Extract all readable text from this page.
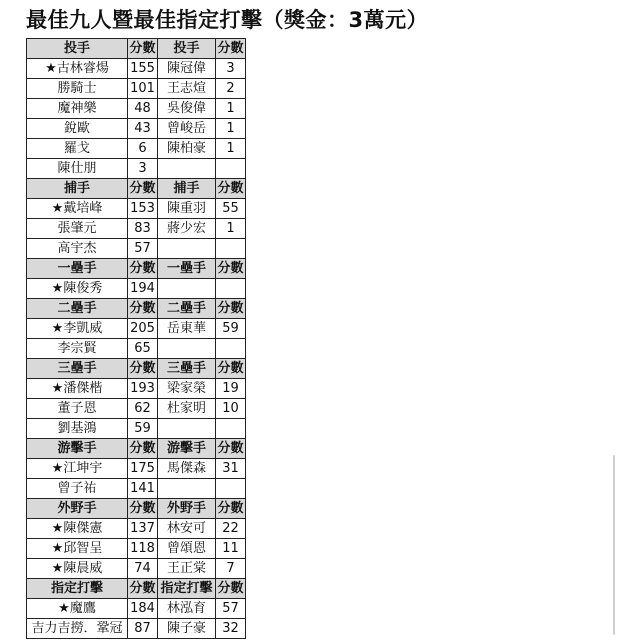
最佳九人暨最佳指定打擊（獎金：3萬元）
投手	分數	投手	分數
★古林睿煬	155	陳冠偉	3
勝騎士	101	王志煊	2
魔神樂	48	吳俊偉	1
銳歐	43	曾峻岳	1
羅戈	6	陳柏豪	1
陳仕朋	3		
捕手	分數	捕手	分數
★戴培峰	153	陳重羽	55
張肇元	83	蔣少宏	1
高宇杰	57		
一壘手	分數	一壘手	分數
★陳俊秀	194		
二壘手	分數	二壘手	分數
★李凱威	205	岳東華	59
李宗賢	65		
三壘手	分數	三壘手	分數
★潘傑楷	193	梁家榮	19
董子恩	62	杜家明	10
劉基鴻	59		
游擊手	分數	游擊手	分數
★江坤宇	175	馬傑森	31
曾子祐	141		
外野手	分數	外野手	分數
★陳傑憲	137	林安可	22
★邱智呈	118	曾頌恩	11
★陳晨威	74	王正棠	7
指定打擊	分數	指定打擊	分數
★魔鷹	184	林泓育	57
吉力吉撈．鞏冠	87	陳子豪	32
